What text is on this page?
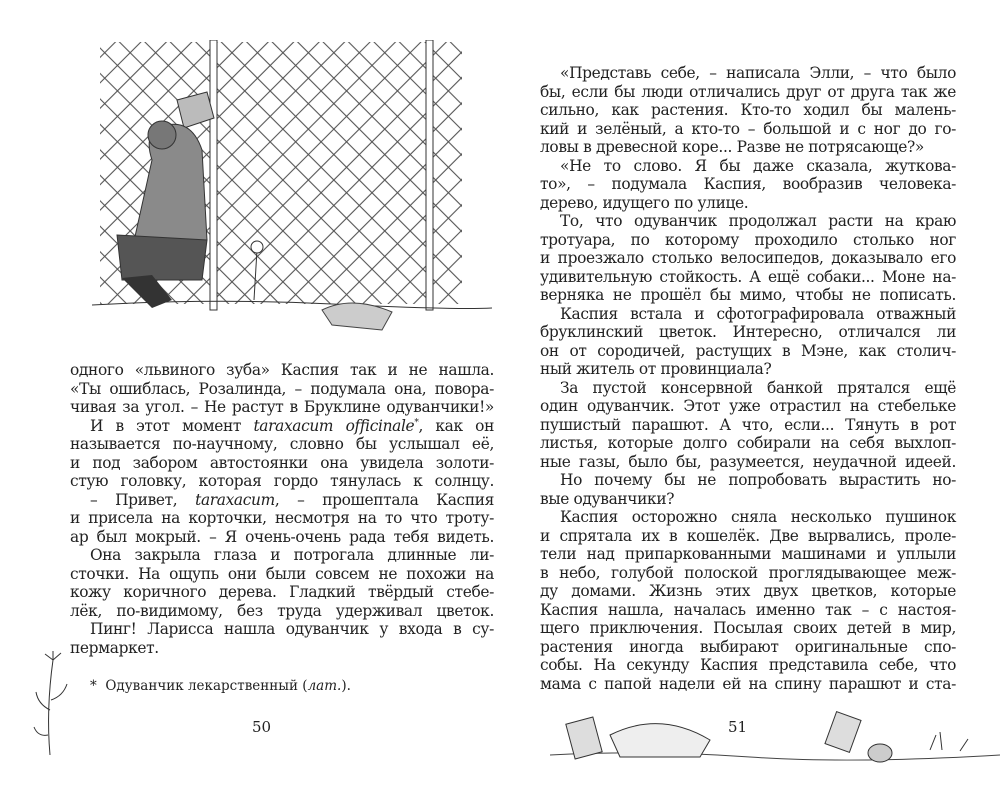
одного «львиного зуба» Каспия так и не нашла.
«Ты ошиблась, Розалинда, – подумала она, повора-
чивая за угол. – Не растут в Бруклине одуванчики!»
И в этот момент taraxacum officinale*, как он
называется по-научному, словно бы услышал её,
и под забором автостоянки она увидела золоти-
стую головку, которая гордо тянулась к солнцу.
– Привет, taraxacum, – прошептала Каспия
и присела на корточки, несмотря на то что троту-
ар был мокрый. – Я очень-очень рада тебя видеть.
Она закрыла глаза и потрогала длинные ли-
сточки. На ощупь они были совсем не похожи на
кожу коричного дерева. Гладкий твёрдый стебе-
лёк, по-видимому, без труда удерживал цветок.
Пинг! Ларисса нашла одуванчик у входа в су-
пермаркет.
* Одуванчик лекарственный (лат.).
50
«Представь себе, – написала Элли, – что было
бы, если бы люди отличались друг от друга так же
сильно, как растения. Кто-то ходил бы малень-
кий и зелёный, а кто-то – большой и с ног до го-
ловы в древесной коре... Разве не потрясающе?»
«Не то слово. Я бы даже сказала, жуткова-
то», – подумала Каспия, вообразив человека-
дерево, идущего по улице.
То, что одуванчик продолжал расти на краю
тротуара, по которому проходило столько ног
и проезжало столько велосипедов, доказывало его
удивительную стойкость. А ещё собаки... Моне на-
верняка не прошёл бы мимо, чтобы не пописать.
Каспия встала и сфотографировала отважный
бруклинский цветок. Интересно, отличался ли
он от сородичей, растущих в Мэне, как столич-
ный житель от провинциала?
За пустой консервной банкой прятался ещё
один одуванчик. Этот уже отрастил на стебельке
пушистый парашют. А что, если... Тянуть в рот
листья, которые долго собирали на себя выхлоп-
ные газы, было бы, разумеется, неудачной идеей.
Но почему бы не попробовать вырастить но-
вые одуванчики?
Каспия осторожно сняла несколько пушинок
и спрятала их в кошелёк. Две вырвались, проле-
тели над припаркованными машинами и уплыли
в небо, голубой полоской проглядывающее меж-
ду домами. Жизнь этих двух цветков, которые
Каспия нашла, началась именно так – с настоя-
щего приключения. Посылая своих детей в мир,
растения иногда выбирают оригинальные спо-
собы. На секунду Каспия представила себе, что
мама с папой надели ей на спину парашют и ста-
51
